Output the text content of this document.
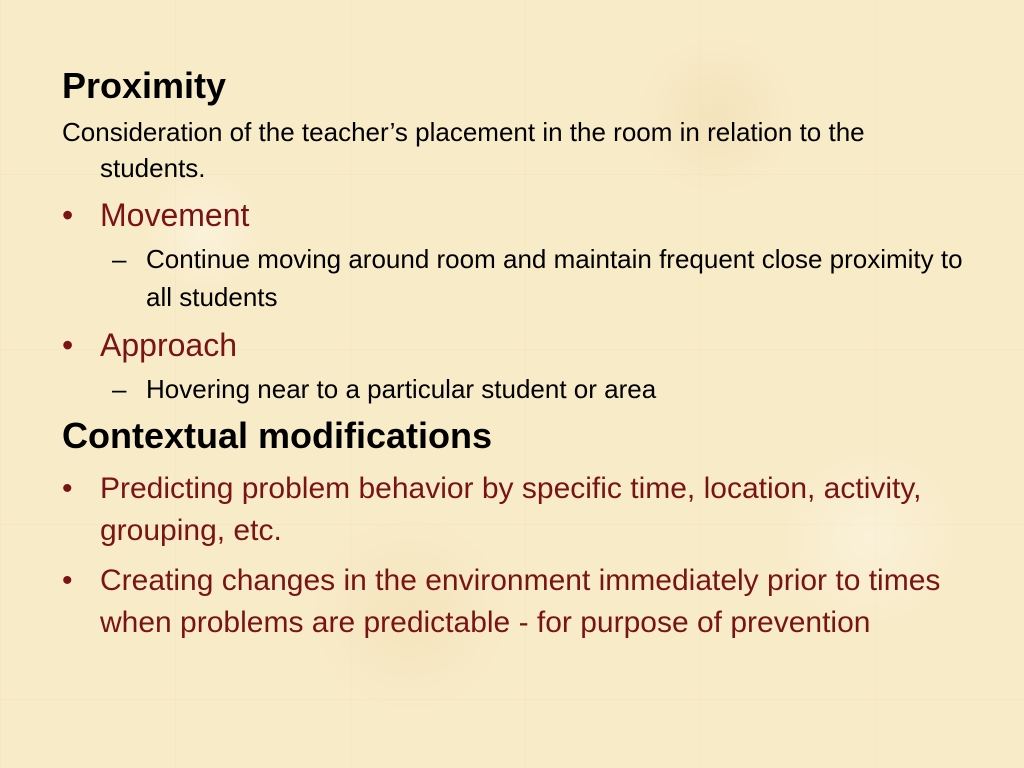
Proximity

Consideration of the teacher’s placement in the room in relation to the students.

• Movement
– Continue moving around room and maintain frequent close proximity to all students
• Approach
– Hovering near to a particular student or area
Contextual modifications
• Predicting problem behavior by specific time, location, activity, grouping, etc.
• Creating changes in the environment immediately prior to times when problems are predictable - for purpose of prevention
